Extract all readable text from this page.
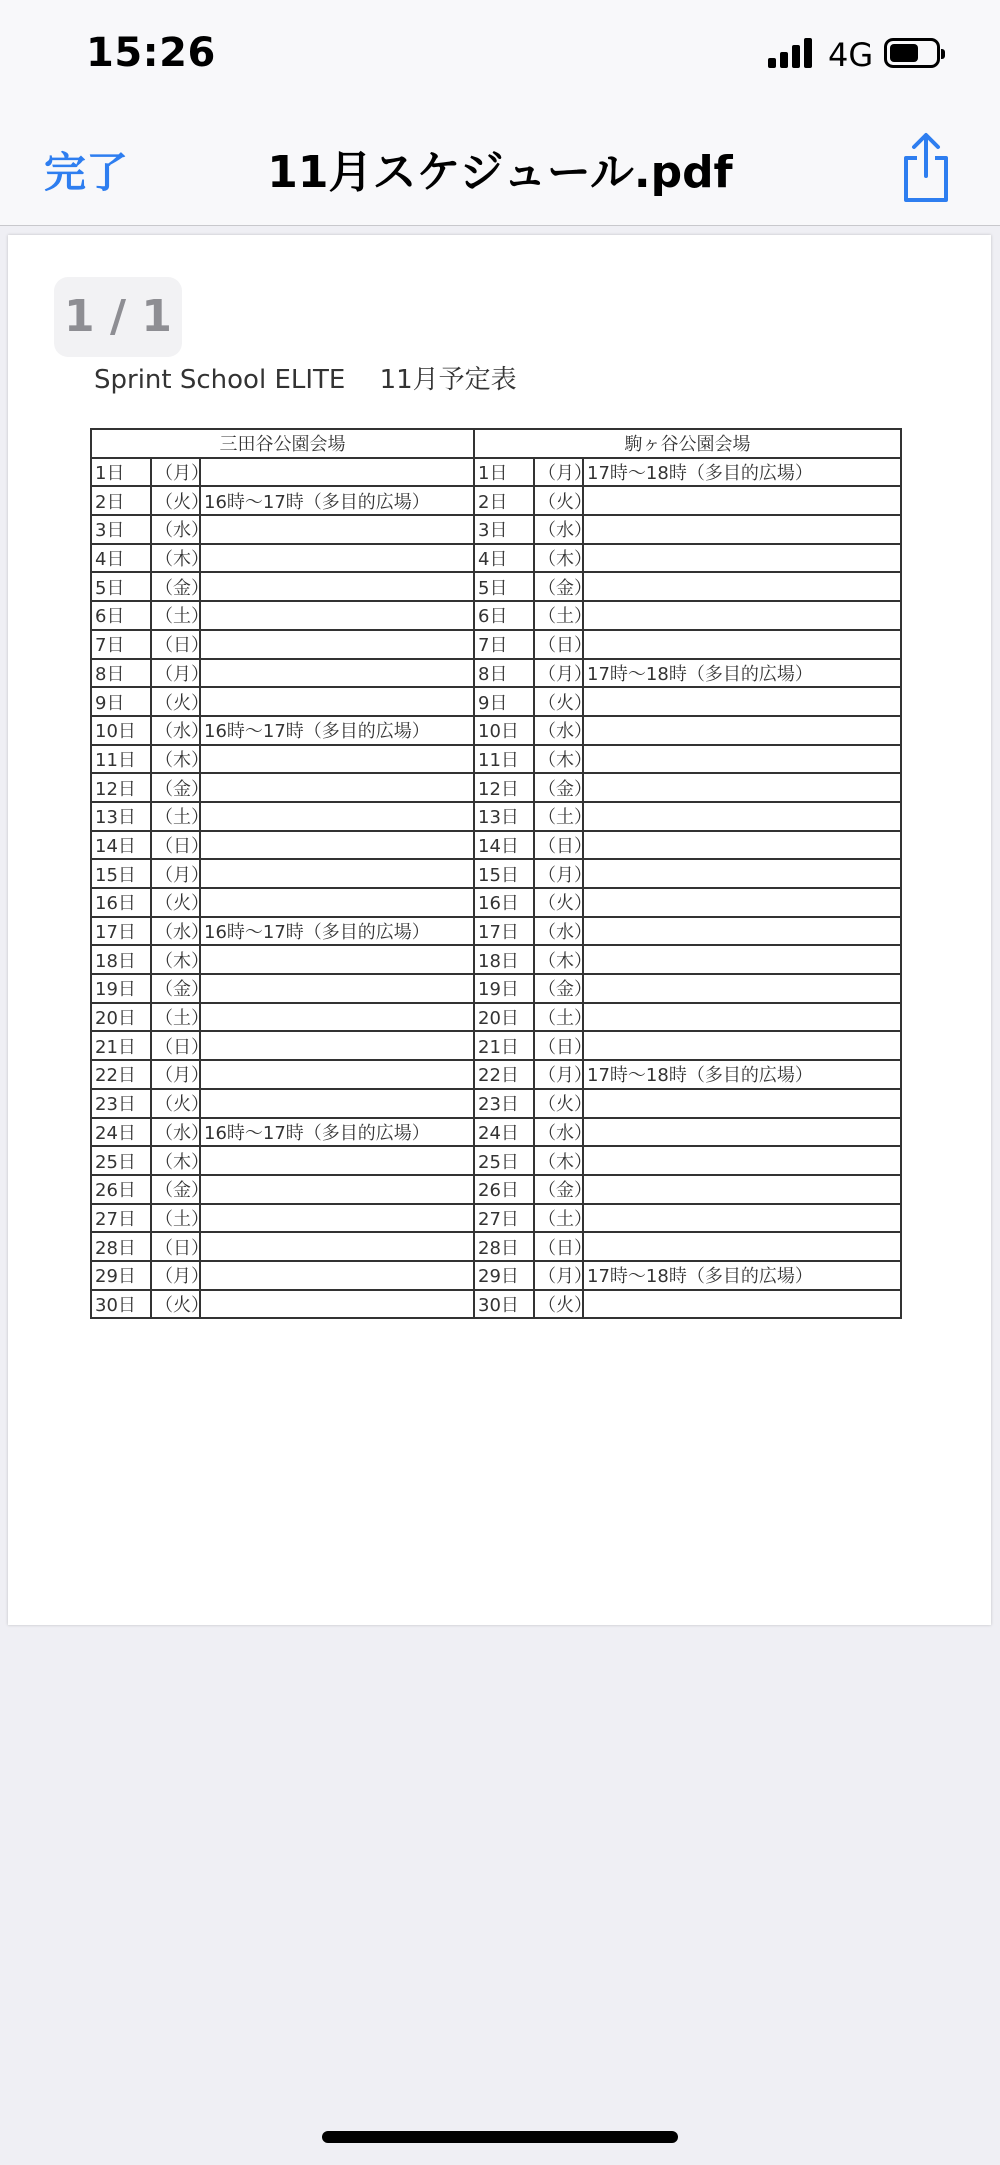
15:26	4G
完了	11月スケジュール.pdf
1 / 1
Sprint School ELITE　 11月予定表
三田谷公園会場			駒ヶ谷公園会場		
1日	（月）		1日	（月）	17時〜18時（多目的広場）
2日	（火）	16時〜17時（多目的広場）	2日	（火）	
3日	（水）		3日	（水）	
4日	（木）		4日	（木）	
5日	（金）		5日	（金）	
6日	（土）		6日	（土）	
7日	（日）		7日	（日）	
8日	（月）		8日	（月）	17時〜18時（多目的広場）
9日	（火）		9日	（火）	
10日	（水）	16時〜17時（多目的広場）	10日	（水）	
11日	（木）		11日	（木）	
12日	（金）		12日	（金）	
13日	（土）		13日	（土）	
14日	（日）		14日	（日）	
15日	（月）		15日	（月）	
16日	（火）		16日	（火）	
17日	（水）	16時〜17時（多目的広場）	17日	（水）	
18日	（木）		18日	（木）	
19日	（金）		19日	（金）	
20日	（土）		20日	（土）	
21日	（日）		21日	（日）	
22日	（月）		22日	（月）	17時〜18時（多目的広場）
23日	（火）		23日	（火）	
24日	（水）	16時〜17時（多目的広場）	24日	（水）	
25日	（木）		25日	（木）	
26日	（金）		26日	（金）	
27日	（土）		27日	（土）	
28日	（日）		28日	（日）	
29日	（月）		29日	（月）	17時〜18時（多目的広場）
30日	（火）		30日	（火）	
